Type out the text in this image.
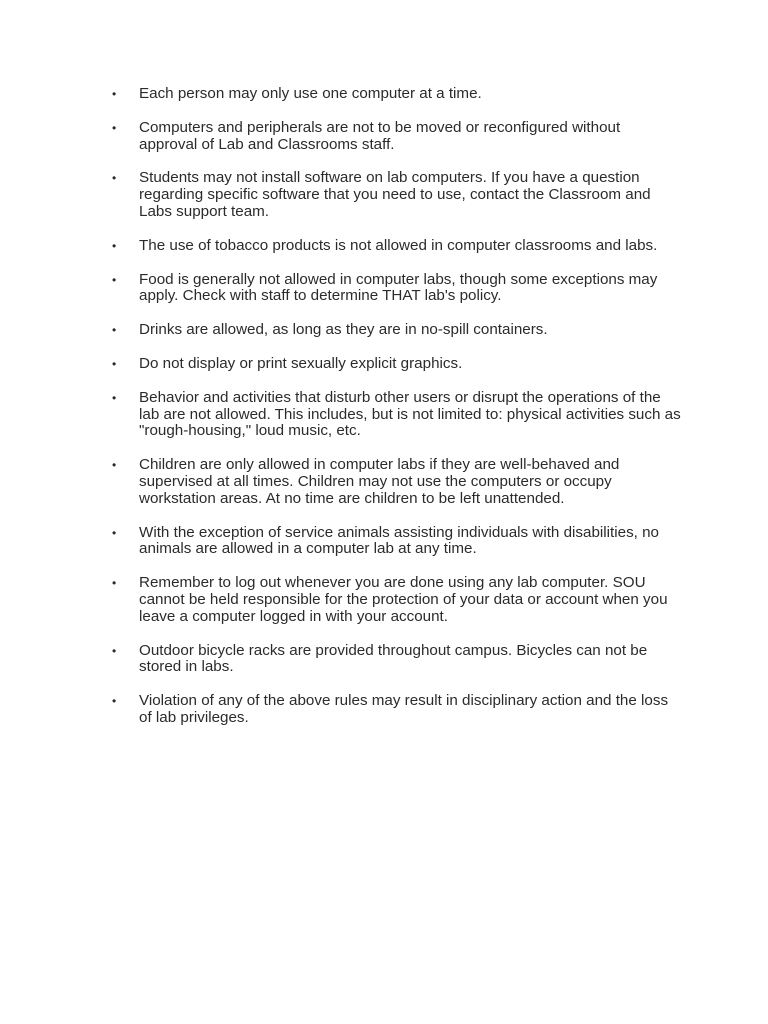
• Each person may only use one computer at a time.
• Computers and peripherals are not to be moved or reconfigured without approval of Lab and Classrooms staff.
• Students may not install software on lab computers. If you have a question regarding specific software that you need to use, contact the Classroom and Labs support team.
• The use of tobacco products is not allowed in computer classrooms and labs.
• Food is generally not allowed in computer labs, though some exceptions may apply. Check with staff to determine THAT lab's policy.
• Drinks are allowed, as long as they are in no-spill containers.
• Do not display or print sexually explicit graphics.
• Behavior and activities that disturb other users or disrupt the operations of the lab are not allowed. This includes, but is not limited to: physical activities such as "rough-housing," loud music, etc.
• Children are only allowed in computer labs if they are well-behaved and supervised at all times. Children may not use the computers or occupy workstation areas. At no time are children to be left unattended.
• With the exception of service animals assisting individuals with disabilities, no animals are allowed in a computer lab at any time.
• Remember to log out whenever you are done using any lab computer. SOU cannot be held responsible for the protection of your data or account when you leave a computer logged in with your account.
• Outdoor bicycle racks are provided throughout campus. Bicycles can not be stored in labs.
• Violation of any of the above rules may result in disciplinary action and the loss of lab privileges.
